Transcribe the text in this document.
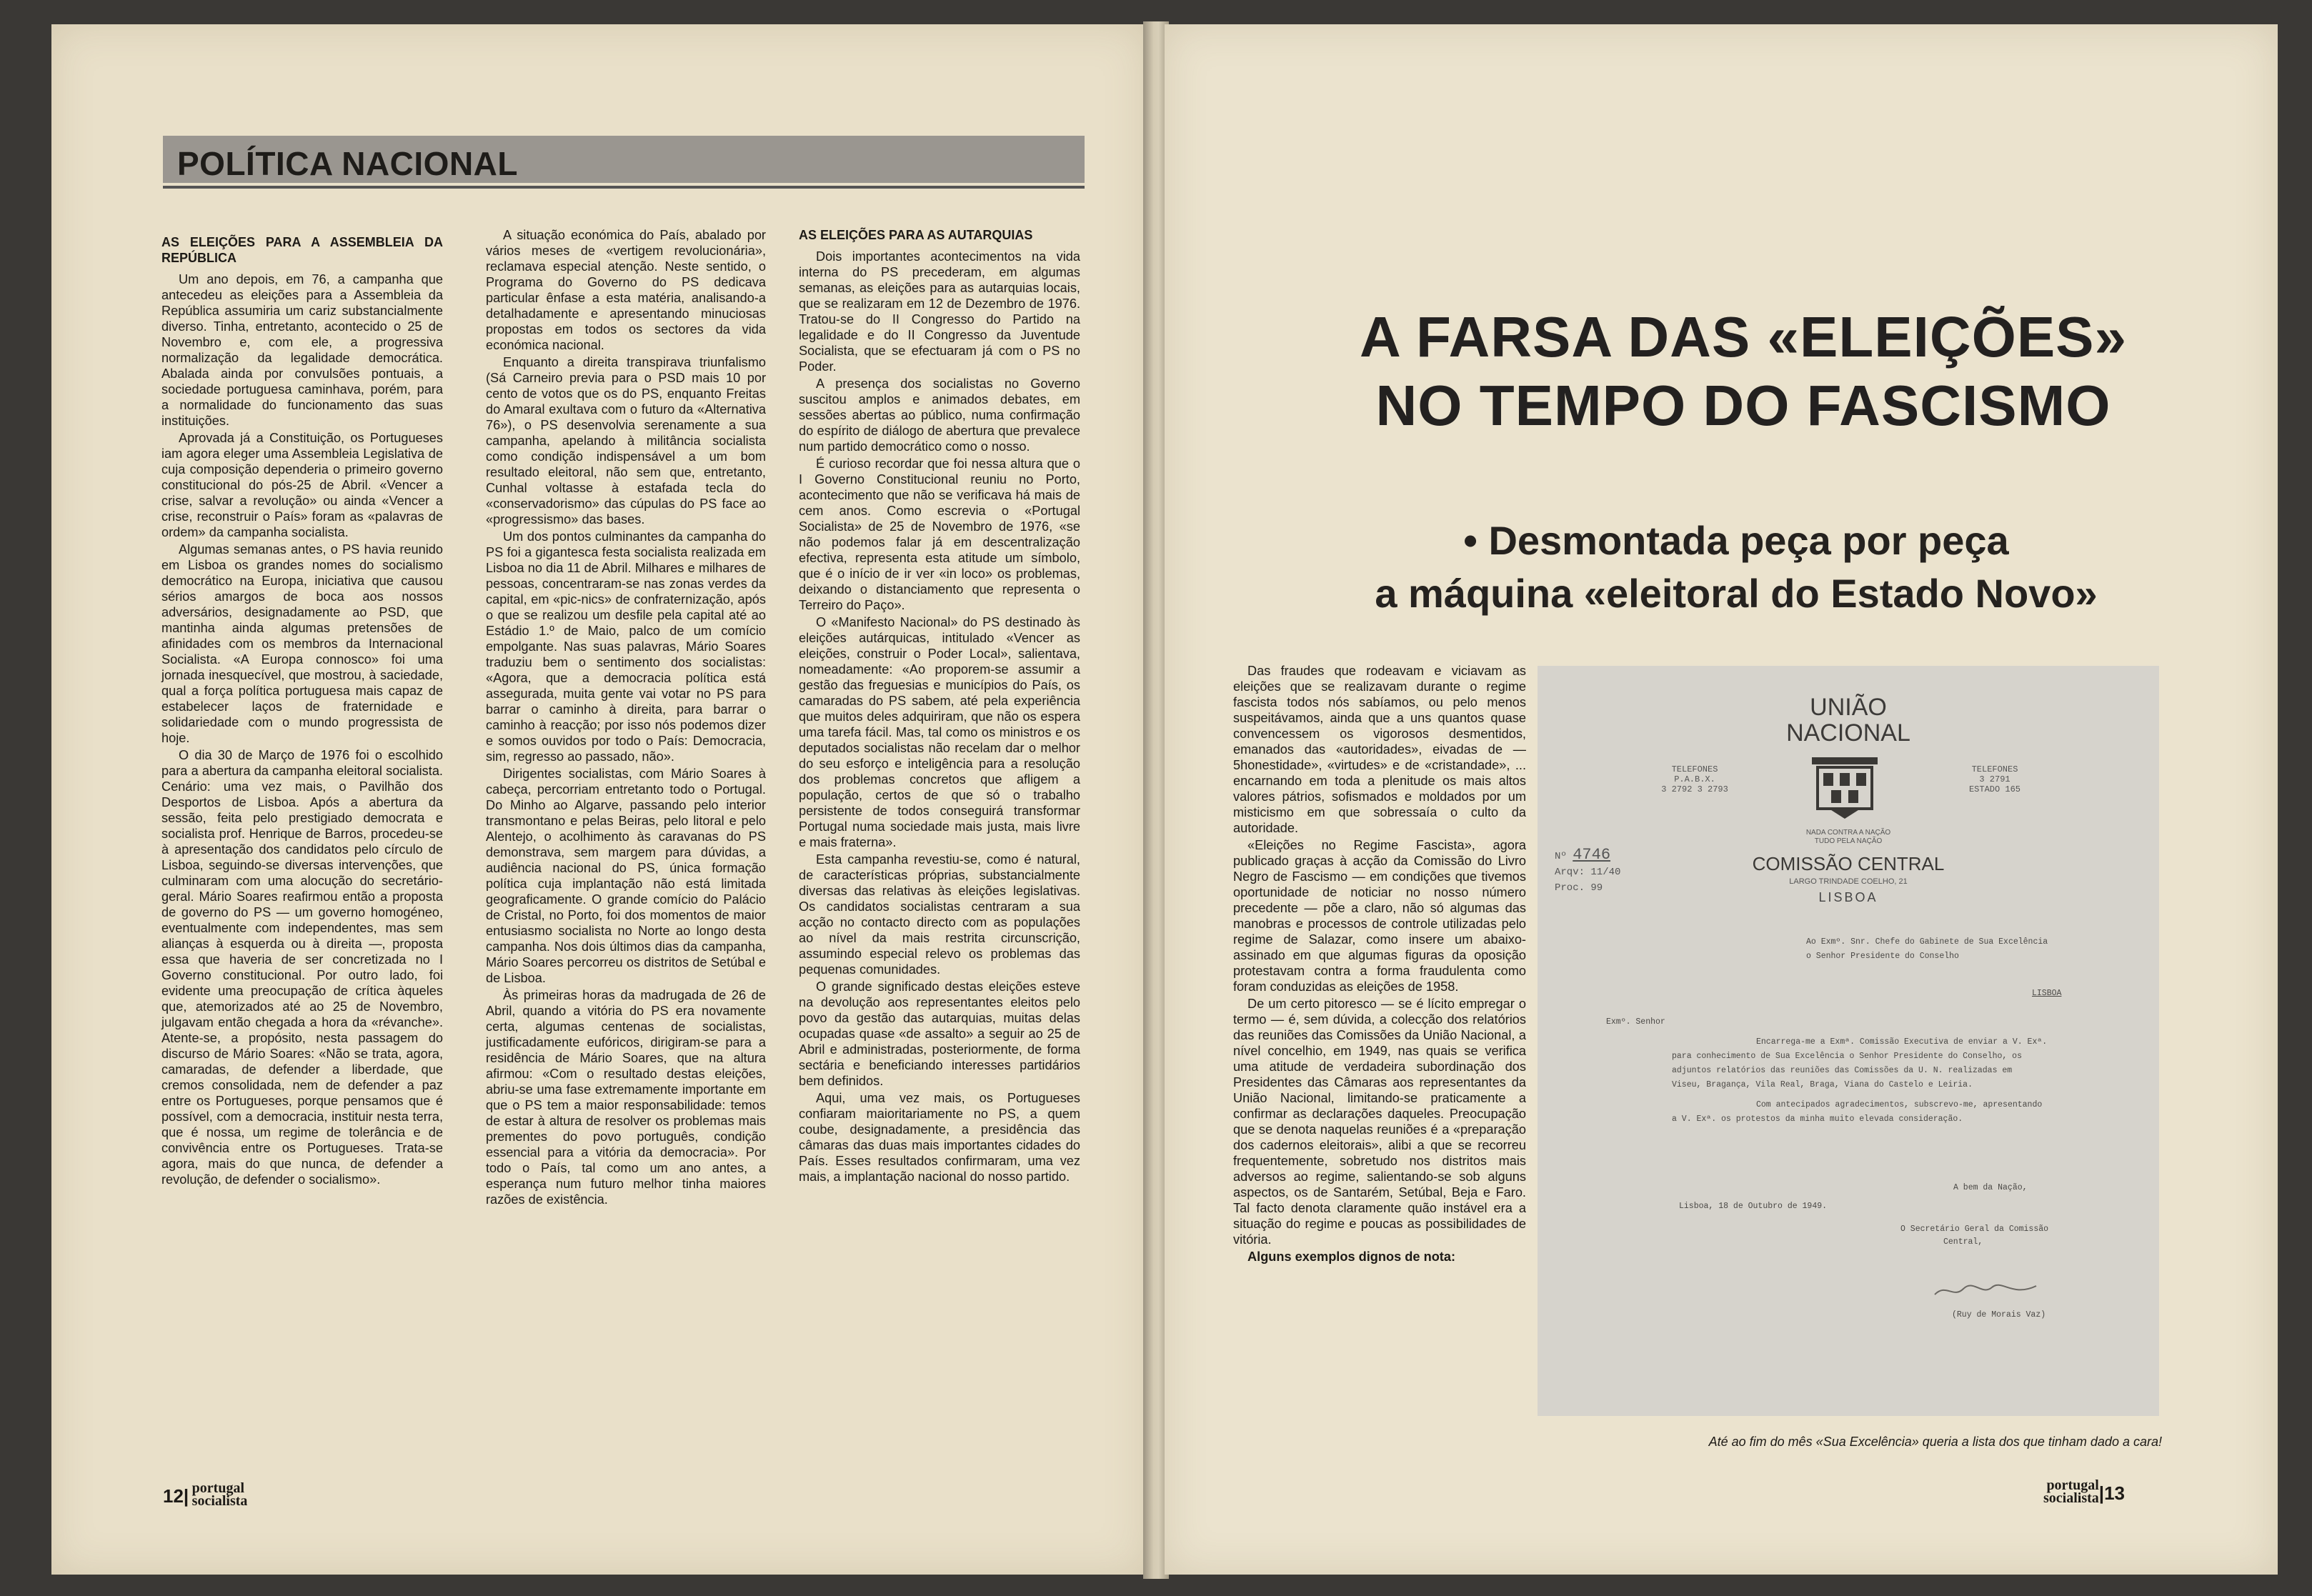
POLÍTICA NACIONAL

AS ELEIÇÕES PARA A ASSEMBLEIA DA REPÚBLICA

Um ano depois, em 76, a campanha que antecedeu as eleições para a Assembleia da República assumiria um cariz substancialmente diverso. Tinha, entretanto, acontecido o 25 de Novembro e, com ele, a progressiva normalização da legalidade democrática. Abalada ainda por convulsões pontuais, a sociedade portuguesa caminhava, porém, para a normalidade do funcionamento das suas instituições.

Aprovada já a Constituição, os Portugueses iam agora eleger uma Assembleia Legislativa de cuja composição dependeria o primeiro governo constitucional do pós-25 de Abril. «Vencer a crise, salvar a revolução» ou ainda «Vencer a crise, reconstruir o País» foram as «palavras de ordem» da campanha socialista.

Algumas semanas antes, o PS havia reunido em Lisboa os grandes nomes do socialismo democrático na Europa, iniciativa que causou sérios amargos de boca aos nossos adversários, designadamente ao PSD, que mantinha ainda algumas pretensões de afinidades com os membros da Internacional Socialista. «A Europa connosco» foi uma jornada inesquecível, que mostrou, à saciedade, qual a força política portuguesa mais capaz de estabelecer laços de fraternidade e solidariedade com o mundo progressista de hoje.

O dia 30 de Março de 1976 foi o escolhido para a abertura da campanha eleitoral socialista. Cenário: uma vez mais, o Pavilhão dos Desportos de Lisboa. Após a abertura da sessão, feita pelo prestigiado democrata e socialista prof. Henrique de Barros, procedeu-se à apresentação dos candidatos pelo círculo de Lisboa, seguindo-se diversas intervenções, que culminaram com uma alocução do secretário-geral. Mário Soares reafirmou então a proposta de governo do PS — um governo homogéneo, eventualmente com independentes, mas sem alianças à esquerda ou à direita —, proposta essa que haveria de ser concretizada no I Governo constitucional. Por outro lado, foi evidente uma preocupação de crítica àqueles que, atemorizados até ao 25 de Novembro, julgavam então chegada a hora da «révanche». Atente-se, a propósito, nesta passagem do discurso de Mário Soares: «Não se trata, agora, camaradas, de defender a liberdade, que cremos consolidada, nem de defender a paz entre os Portugueses, porque pensamos que é possível, com a democracia, instituir nesta terra, que é nossa, um regime de tolerância e de convivência entre os Portugueses. Trata-se agora, mais do que nunca, de defender a revolução, de defender o socialismo».

A situação económica do País, abalado por vários meses de «vertigem revolucionária», reclamava especial atenção. Neste sentido, o Programa do Governo do PS dedicava particular ênfase a esta matéria, analisando-a detalhadamente e apresentando minuciosas propostas em todos os sectores da vida económica nacional.

Enquanto a direita transpirava triunfalismo (Sá Carneiro previa para o PSD mais 10 por cento de votos que os do PS, enquanto Freitas do Amaral exultava com o futuro da «Alternativa 76»), o PS desenvolvia serenamente a sua campanha, apelando à militância socialista como condição indispensável a um bom resultado eleitoral, não sem que, entretanto, Cunhal voltasse à estafada tecla do «conservadorismo» das cúpulas do PS face ao «progressismo» das bases.

Um dos pontos culminantes da campanha do PS foi a gigantesca festa socialista realizada em Lisboa no dia 11 de Abril. Milhares e milhares de pessoas, concentraram-se nas zonas verdes da capital, em «pic-nics» de confraternização, após o que se realizou um desfile pela capital até ao Estádio 1.º de Maio, palco de um comício empolgante. Nas suas palavras, Mário Soares traduziu bem o sentimento dos socialistas: «Agora, que a democracia política está assegurada, muita gente vai votar no PS para barrar o caminho à direita, para barrar o caminho à reacção; por isso nós podemos dizer e somos ouvidos por todo o País: Democracia, sim, regresso ao passado, não».

Dirigentes socialistas, com Mário Soares à cabeça, percorriam entretanto todo o Portugal. Do Minho ao Algarve, passando pelo interior transmontano e pelas Beiras, pelo litoral e pelo Alentejo, o acolhimento às caravanas do PS demonstrava, sem margem para dúvidas, a audiência nacional do PS, única formação política cuja implantação não está limitada geograficamente. O grande comício do Palácio de Cristal, no Porto, foi dos momentos de maior entusiasmo socialista no Norte ao longo desta campanha. Nos dois últimos dias da campanha, Mário Soares percorreu os distritos de Setúbal e de Lisboa.

Às primeiras horas da madrugada de 26 de Abril, quando a vitória do PS era novamente certa, algumas centenas de socialistas, justificadamente eufóricos, dirigiram-se para a residência de Mário Soares, que na altura afirmou: «Com o resultado destas eleições, abriu-se uma fase extremamente importante em que o PS tem a maior responsabilidade: temos de estar à altura de resolver os problemas mais prementes do povo português, condição essencial para a vitória da democracia». Por todo o País, tal como um ano antes, a esperança num futuro melhor tinha maiores razões de existência.

AS ELEIÇÕES PARA AS AUTARQUIAS

Dois importantes acontecimentos na vida interna do PS precederam, em algumas semanas, as eleições para as autarquias locais, que se realizaram em 12 de Dezembro de 1976. Tratou-se do II Congresso do Partido na legalidade e do II Congresso da Juventude Socialista, que se efectuaram já com o PS no Poder.

A presença dos socialistas no Governo suscitou amplos e animados debates, em sessões abertas ao público, numa confirmação do espírito de diálogo de abertura que prevalece num partido democrático como o nosso.

É curioso recordar que foi nessa altura que o I Governo Constitucional reuniu no Porto, acontecimento que não se verificava há mais de cem anos. Como escrevia o «Portugal Socialista» de 25 de Novembro de 1976, «se não podemos falar já em descentralização efectiva, representa esta atitude um símbolo, que é o início de ir ver «in loco» os problemas, deixando o distanciamento que representa o Terreiro do Paço».

O «Manifesto Nacional» do PS destinado às eleições autárquicas, intitulado «Vencer as eleições, construir o Poder Local», salientava, nomeadamente: «Ao proporem-se assumir a gestão das freguesias e municípios do País, os camaradas do PS sabem, até pela experiência que muitos deles adquiriram, que não os espera uma tarefa fácil. Mas, tal como os ministros e os deputados socialistas não recelam dar o melhor do seu esforço e inteligência para a resolução dos problemas concretos que afligem a população, certos de que só o trabalho persistente de todos conseguirá transformar Portugal numa sociedade mais justa, mais livre e mais fraterna».

Esta campanha revestiu-se, como é natural, de características próprias, substancialmente diversas das relativas às eleições legislativas. Os candidatos socialistas centraram a sua acção no contacto directo com as populações ao nível da mais restrita circunscrição, assumindo especial relevo os problemas das pequenas comunidades.

O grande significado destas eleições esteve na devolução aos representantes eleitos pelo povo da gestão das autarquias, muitas delas ocupadas quase «de assalto» a seguir ao 25 de Abril e administradas, posteriormente, de forma sectária e beneficiando interesses partidários bem definidos.

Aqui, uma vez mais, os Portugueses confiaram maioritariamente no PS, a quem coube, designadamente, a presidência das câmaras das duas mais importantes cidades do País. Esses resultados confirmaram, uma vez mais, a implantação nacional do nosso partido.

12| portugal
socialista
A FARSA DAS «ELEIÇÕES»
NO TEMPO DO FASCISMO
• Desmontada peça por peça
a máquina «eleitoral do Estado Novo»

Das fraudes que rodeavam e viciavam as eleições que se realizavam durante o regime fascista todos nós sabíamos, ou pelo menos suspeitávamos, ainda que a uns quantos quase convencessem os vigorosos desmentidos, emanados das «autoridades», eivadas de —5honestidade», «virtudes» e de «cristandade», ... encarnando em toda a plenitude os mais altos valores pátrios, sofismados e moldados por um misticismo em que sobressaía o culto da autoridade.

«Eleições no Regime Fascista», agora publicado graças à acção da Comissão do Livro Negro de Fascismo — em condições que tivemos oportunidade de noticiar no nosso número precedente — põe a claro, não só algumas das manobras e processos de controle utilizadas pelo regime de Salazar, como insere um abaixo-assinado em que algumas figuras da oposição protestavam contra a forma fraudulenta como foram conduzidas as eleições de 1958.

De um certo pitoresco — se é lícito empregar o termo — é, sem dúvida, a colecção dos relatórios das reuniões das Comissões da União Nacional, a nível concelhio, em 1949, nas quais se verifica uma atitude de verdadeira subordinação dos Presidentes das Câmaras aos representantes da União Nacional, limitando-se praticamente a confirmar as declarações daqueles. Preocupação que se denota naquelas reuniões é a «preparação dos cadernos eleitorais», alibi a que se recorreu frequentemente, sobretudo nos distritos mais adversos ao regime, salientando-se sob alguns aspectos, os de Santarém, Setúbal, Beja e Faro. Tal facto denota claramente quão instável era a situação do regime e poucas as possibilidades de vitória.

Alguns exemplos dignos de nota:

UNIÃO
NACIONAL
TELEFONES
P.A.B.X.
3 2792 3 2793
TELEFONES
3 2791
ESTADO 165
NADA CONTRA A NAÇÃO
TUDO PELA NAÇÃO
COMISSÃO CENTRAL
LARGO TRINDADE COELHO, 21
LISBOA
Nº 4746
Arqv: 11/40
Proc. 99
Ao Exmº. Snr. Chefe do Gabinete de Sua Excelência
o Senhor Presidente do Conselho
LISBOA
Exmº. Senhor
Encarrega-me a Exmª. Comissão Executiva de enviar a V. Exª.
para conhecimento de Sua Excelência o Senhor Presidente do Conselho, os
adjuntos relatórios das reuniões das Comissões da U. N. realizadas em
Viseu, Bragança, Vila Real, Braga, Viana do Castelo e Leiria.
Com antecipados agradecimentos, subscrevo-me, apresentando
a V. Exª. os protestos da minha muito elevada consideração.
A bem da Nação,
Lisboa, 18 de Outubro de 1949.
O Secretário Geral da Comissão
Central,
(Ruy de Morais Vaz)
Até ao fim do mês «Sua Excelência» queria a lista dos que tinham dado a cara!
portugal
socialista|13
